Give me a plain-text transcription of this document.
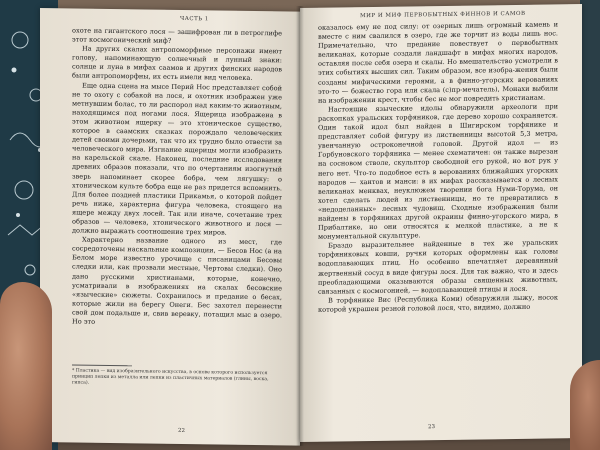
ЧАСТЬ 1

охоте на гигантского лося — зашифрован ли в петроглифе этот космогонический миф?

На других скалах антропоморфные персонажи имеют голову, напоминающую солнечный и лунный знаки: солнце и луна в мифах саамов и других финских народов были антропоморфны, их есть имели вид человека.

Еще одна сцена на мысе Перий Нос представляет собой не то охоту с собакой на лося, и охотник изображен уже метнувшим болас, то ли распорол над каким-то животным, находящимся под ногами лося. Ящерица изображена в этом животном ящерку — это хтоническое существо, которое в саамских сказках порождало человеческих детей своими дочерьми, так что их трудно было отвести за человеческого мира. Изгнание ящерицы могли изобразить на карельской скале. Наконец, последние исследования древних образов показали, что по очертаниям изогнутый зверь напоминает скорее бобра, чем лягушку: о хтоническом культе бобра еще не раз придется вспомнить. Для более поздней пластики Прикамья, о которой пойдет речь ниже, характерна фигура человека, стоящего на ящере между двух лосей. Так или иначе, сочетание трех образов — человека, хтонического животного и лося — должно выражать соотношение трех миров.

Характерно название одного из мест, где сосредоточены наскальные композиции, — Бесов Нос (а на Белом море известно урочище с писаницами Бесовы следки или, как прозвали местные, Чертовы следки). Оно дано русскими христианами, которые, конечно, усматривали в изображениях на скалах бесовские «языческие» сюжеты. Сохранилось и предание о бесах, которые жили на берегу Онеги. Бес захотел перенести свой дом подальше и, свив веревку, потащил мыс в озеро. Но это

* Пластика — вид изобразительного искусства, в основе которого используется принцип лепки из металла или лепки из пластичных материалов (глины, воска, гипса).
22
МИР И МИФ ПЕРВОБЫТНЫХ ФИННОВ И САМОВ

оказалось ему не под силу: от озерных лишь огромный камень и вместе с ним свалился в озеро, где же торчит из воды лишь нос. Примечательно, что предание повествует о первобытных великанах, которые создали ландшафт в мифах многих народов, оставляя после себя озера и скалы. Но вмешательство усмотрели в этих событиях высших сил. Таким образом, все изобра-жения были созданы мифическими героями, а в финно-угорских верованиях это-то — божество гора или скала (с)пр-мечатель), Монахи выбили на изображении крест, чтобы бес не мог повредить христианам.

Настоящие языческие идолы обнаружили археологи при раскопках уральских торфяников, где дерево хорошо сохраняется. Один такой идол был найден в Шигирском торфянике и представляет собой фигуру из лиственницы высотой 5,3 метра, увенчанную остроконечной головой. Другой идол — из Горбуновского торфяника — менее схематичен: он также вырезан на сосновом стволе, скульптор свободной его рукой, но вот рук у него нет. Что-то подобное есть в верованиях ближайших угорских народов — хантов и манси: в их мифах рассказывается о лесных великанах менквах, неуклюжем творении бога Нуми-Торума, он хотел сделать людей из лиственницы, но те превратились в «недоделанных» лесных чудовищ. Сходные изображения были найдены в торфяниках другой окраины финно-угорского мира, в Прибалтике, но они относятся к мелкой пластике, а не к монументальной скульптуре.

Браздо выразительнее найденные в тех же уральских торфяниковых ковши, ручки которых оформлены как головы водоплавающих птиц. Но особенно впечатляет деревянный жертвенный сосуд в виде фигуры лося. Для так важно, что и здесь преобладающими оказываются образы священных животных, связанных с космогонией, — водоплавающей птицы и лося.

В торфянике Вис (Республика Коми) обнаружили лыжу, носок которой украшен резной головой лося, что, видимо, должно

23
